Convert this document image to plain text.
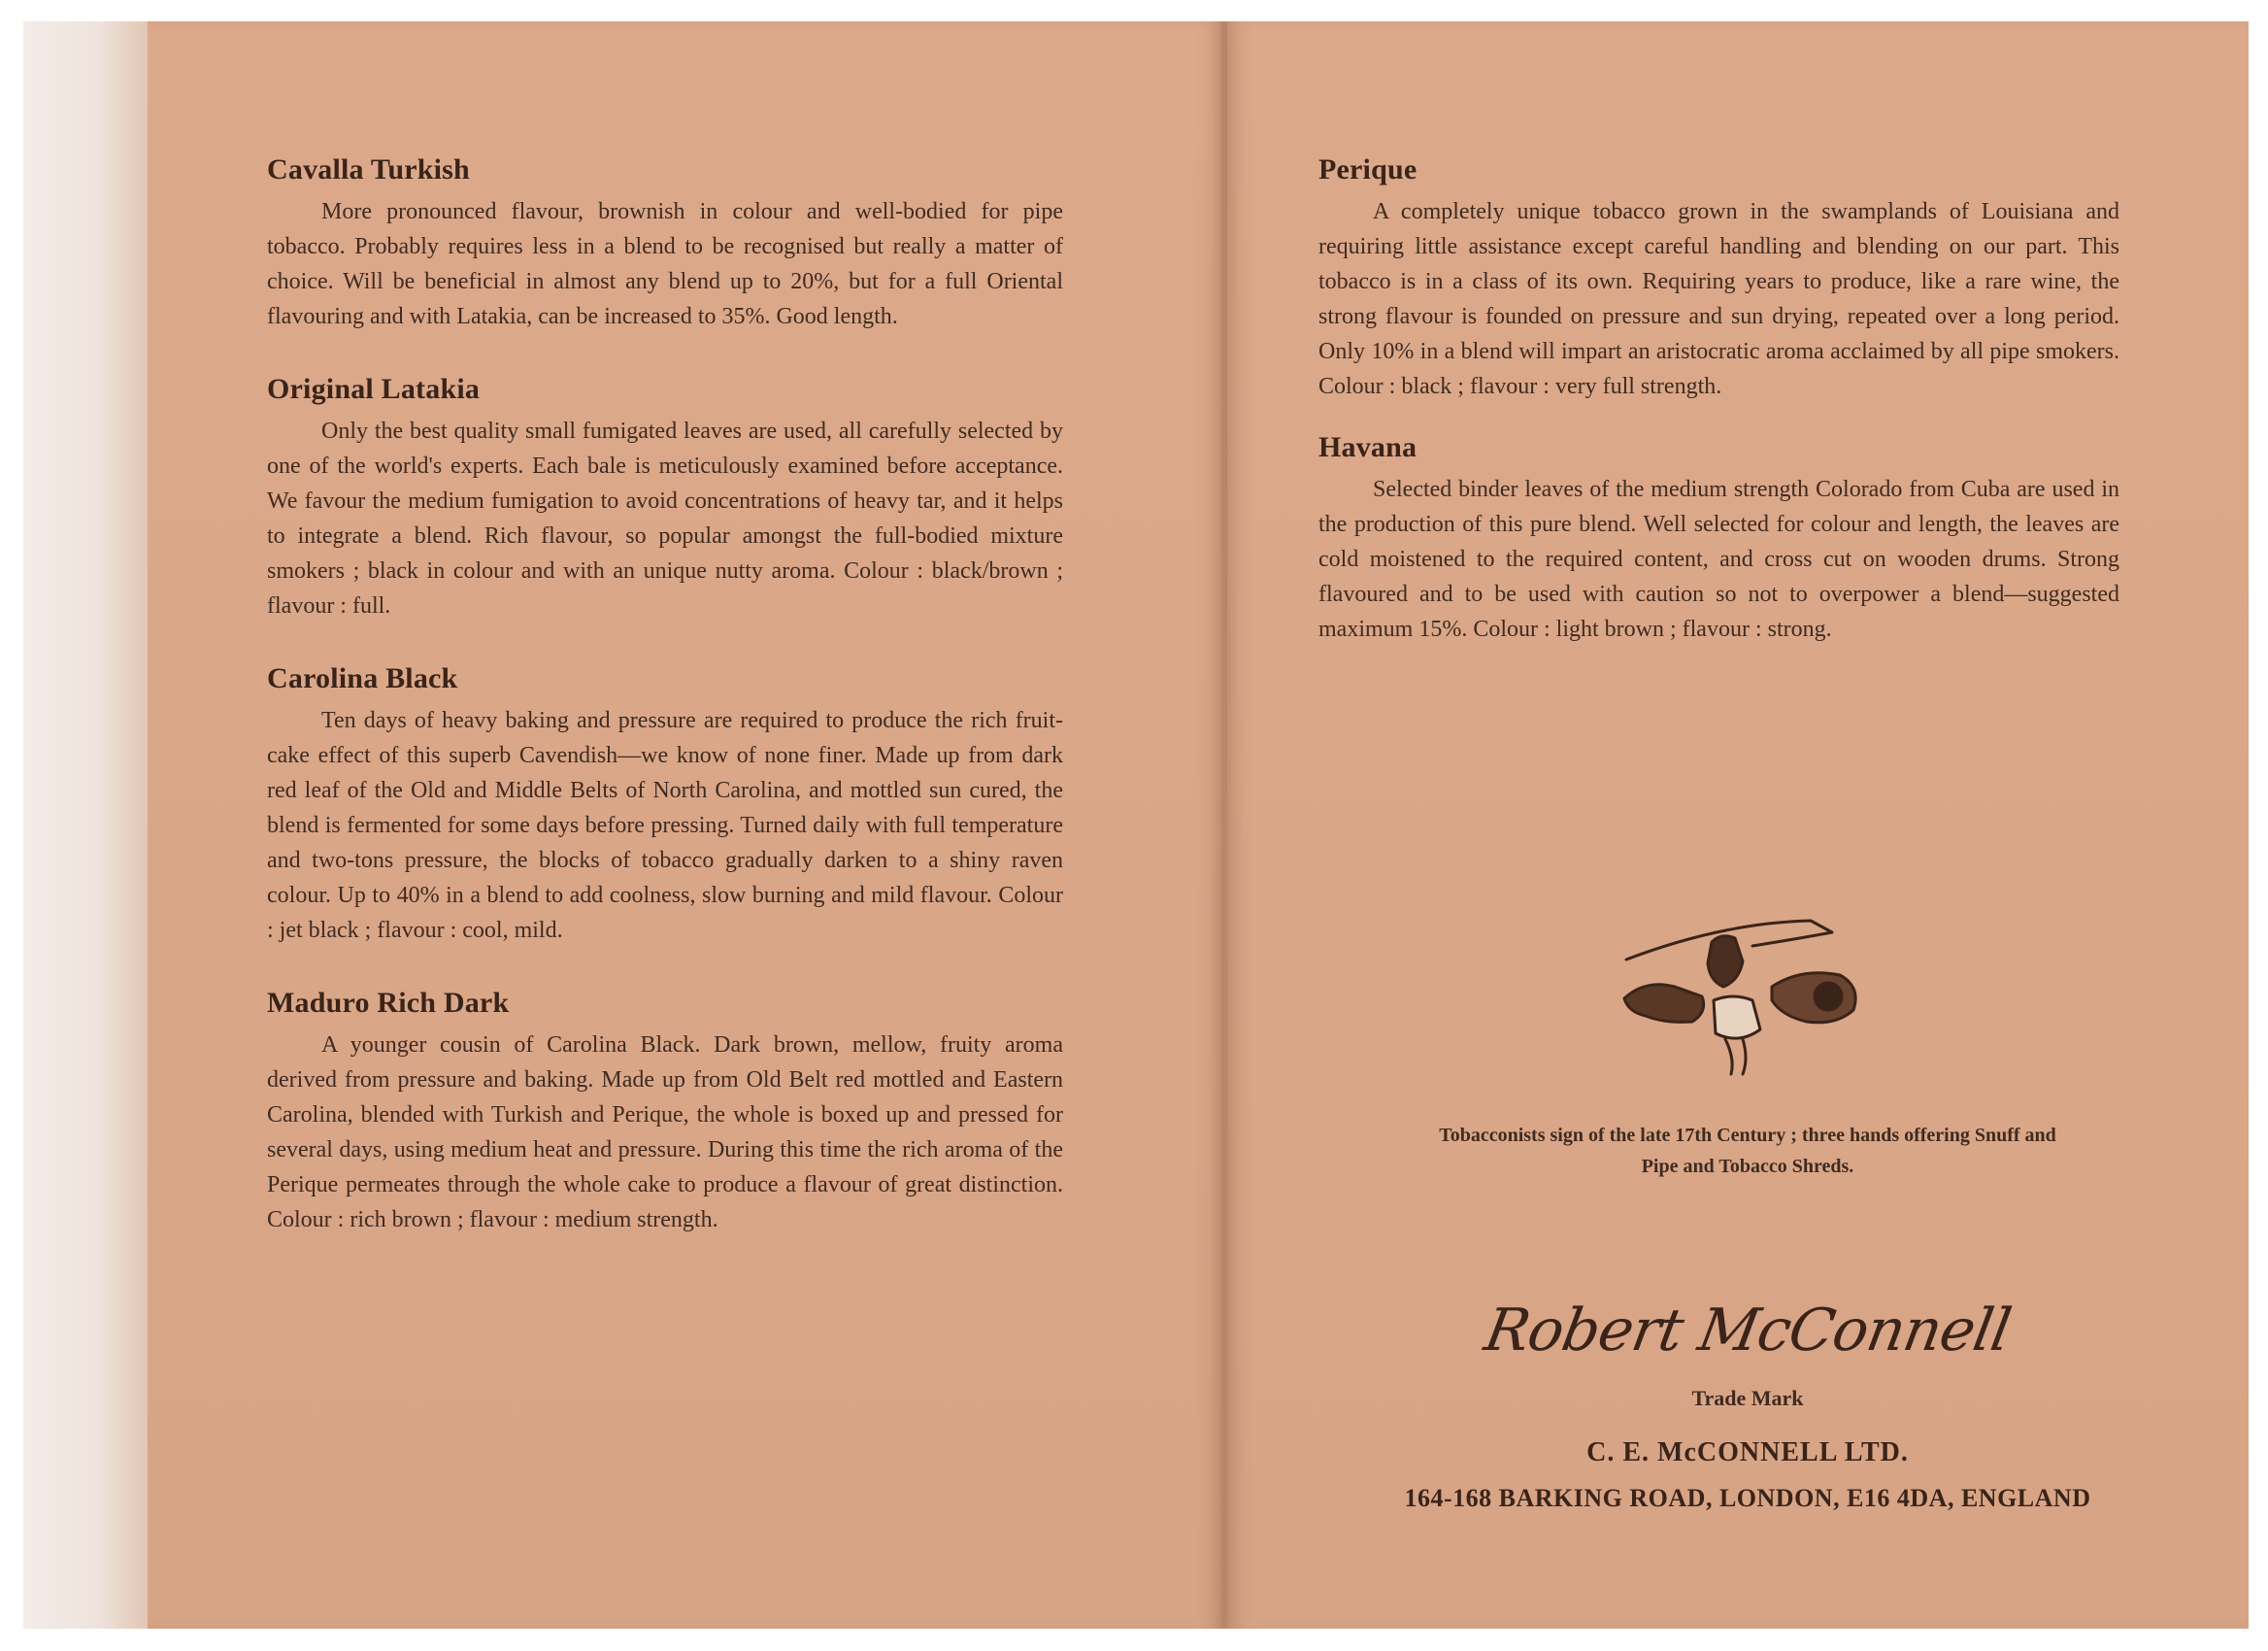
Cavalla Turkish

More pronounced flavour, brownish in colour and well-bodied for pipe tobacco. Probably requires less in a blend to be recognised but really a matter of choice. Will be beneficial in almost any blend up to 20%, but for a full Oriental flavouring and with Latakia, can be increased to 35%. Good length.

Original Latakia

Only the best quality small fumigated leaves are used, all carefully selected by one of the world's experts. Each bale is meticulously examined before acceptance. We favour the medium fumigation to avoid concentrations of heavy tar, and it helps to integrate a blend. Rich flavour, so popular amongst the full-bodied mixture smokers ; black in colour and with an unique nutty aroma. Colour : black/brown ; flavour : full.

Carolina Black

Ten days of heavy baking and pressure are required to produce the rich fruit-cake effect of this superb Cavendish—we know of none finer. Made up from dark red leaf of the Old and Middle Belts of North Carolina, and mottled sun cured, the blend is fermented for some days before pressing. Turned daily with full temperature and two-tons pressure, the blocks of tobacco gradually darken to a shiny raven colour. Up to 40% in a blend to add coolness, slow burning and mild flavour. Colour : jet black ; flavour : cool, mild.

Maduro Rich Dark

A younger cousin of Carolina Black. Dark brown, mellow, fruity aroma derived from pressure and baking. Made up from Old Belt red mottled and Eastern Carolina, blended with Turkish and Perique, the whole is boxed up and pressed for several days, using medium heat and pressure. During this time the rich aroma of the Perique permeates through the whole cake to produce a flavour of great distinction. Colour : rich brown ; flavour : medium strength.

Perique

A completely unique tobacco grown in the swamplands of Louisiana and requiring little assistance except careful handling and blending on our part. This tobacco is in a class of its own. Requiring years to produce, like a rare wine, the strong flavour is founded on pressure and sun drying, repeated over a long period. Only 10% in a blend will impart an aristocratic aroma acclaimed by all pipe smokers. Colour : black ; flavour : very full strength.

Havana

Selected binder leaves of the medium strength Colorado from Cuba are used in the production of this pure blend. Well selected for colour and length, the leaves are cold moistened to the required content, and cross cut on wooden drums. Strong flavoured and to be used with caution so not to overpower a blend—suggested maximum 15%. Colour : light brown ; flavour : strong.

Tobacconists sign of the late 17th Century ; three hands offering Snuff and Pipe and Tobacco Shreds.
Robert McConnell
Trade Mark
C. E. McCONNELL LTD.
164-168 BARKING ROAD, LONDON, E16 4DA, ENGLAND
